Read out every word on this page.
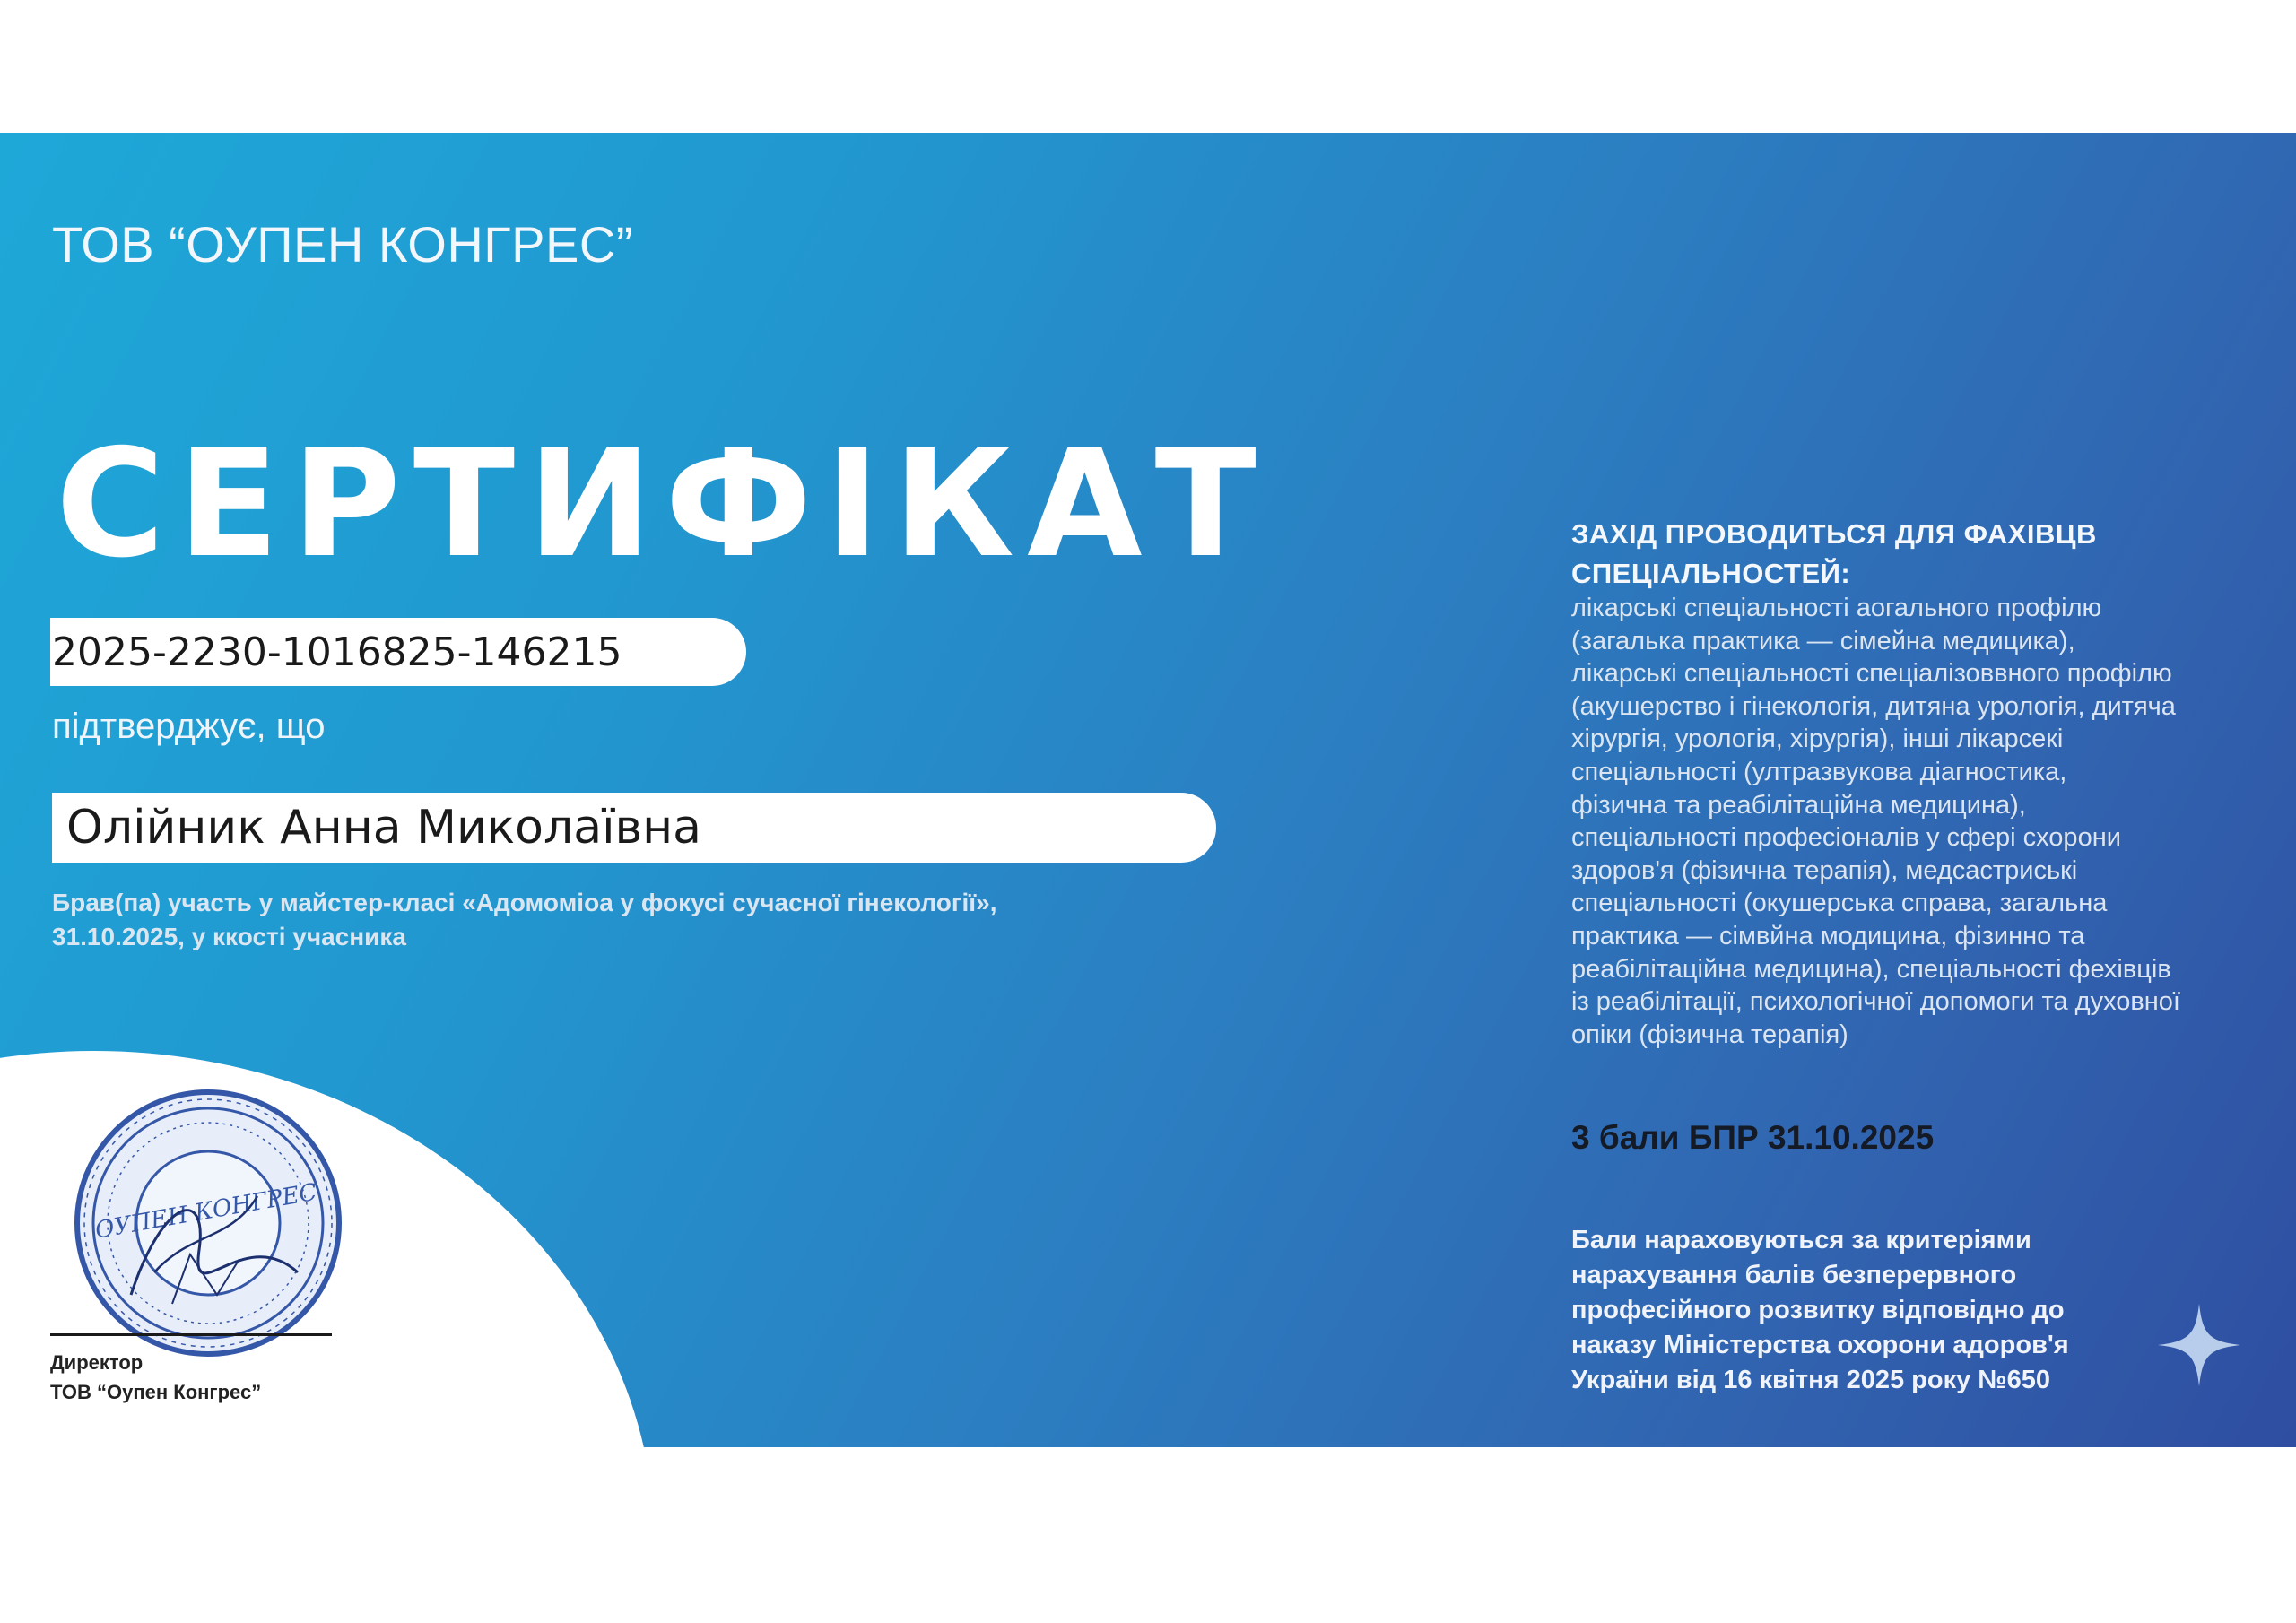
ТОВ “ОУПЕН КОНГРЕС”
СЕРТИФІКАТ
2025-2230-1016825-146215
підтверджує, що
Олійник Анна Миколаївна
Брав(па) участь у майстер-класі «Адомоміоа у фокусі сучасної гінекології»,
31.10.2025, у ккості учасника
ОУПЕН КОНГРЕС
Директор
ТОВ “Оупен Конгрес”
ЗАХІД ПРОВОДИТЬСЯ ДЛЯ ФАХІВЦВ
СПЕЦІАЛЬНОСТЕЙ:
лікарські спеціальності аогального профілю
(загалька практика — сімейна медицика),
лікарські спеціальності спеціалізоввного профілю
(акушерство і гінекологія, дитяна урологія, дитяча
хірургія, урологія, хірургія), інші лікарсекі
спеціальності (ултразвукова діагностика,
фізична та реабілітаційна медицина),
спеціальності професіоналів у сфері схорони
здоров'я (фізична терапія), медсастриські
спеціальності (окушерська справа, загальна
практика — сімвйна модицина, фізинно та
реабілітаційна медицина), спеціальності фехівців
із реабілітації, психологічної допомоги та духовної
опіки (фізична терапія)
3 бали БПР 31.10.2025
Бали нараховуються за критеріями
нарахування балів безперервного
професійного розвитку відповідно до
наказу Міністерства охорони адоров'я
України від 16 квітня 2025 року №650
